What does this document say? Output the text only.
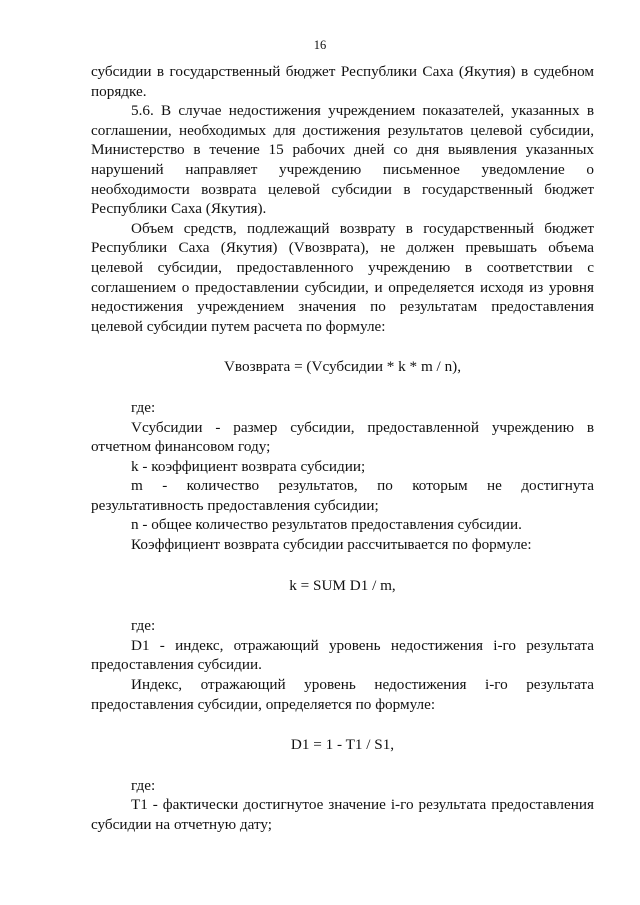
16

субсидии в государственный бюджет Республики Саха (Якутия) в судебном порядке.

5.6. В случае недостижения учреждением показателей, указанных в соглашении, необходимых для достижения результатов целевой субсидии, Министерство в течение 15 рабочих дней со дня выявления указанных нарушений направляет учреждению письменное уведомление о необходимости возврата целевой субсидии в государственный бюджет Республики Саха (Якутия).

Объем средств, подлежащий возврату в государственный бюджет Республики Саха (Якутия) (Vвозврата), не должен превышать объема целевой субсидии, предоставленного учреждению в соответствии с соглашением о предоставлении субсидии, и определяется исходя из уровня недостижения учреждением значения по результатам предоставления целевой субсидии путем расчета по формуле:

Vвозврата = (Vсубсидии * k * m / n),

где:

Vсубсидии - размер субсидии, предоставленной учреждению в отчетном финансовом году;

k - коэффициент возврата субсидии;

m - количество результатов, по которым не достигнута результативность предоставления субсидии;

n - общее количество результатов предоставления субсидии.

Коэффициент возврата субсидии рассчитывается по формуле:

k = SUM D1 / m,

где:

D1 - индекс, отражающий уровень недостижения i-го результата предоставления субсидии.

Индекс, отражающий уровень недостижения i-го результата предоставления субсидии, определяется по формуле:

D1 = 1 - T1 / S1,

где:

T1 - фактически достигнутое значение i-го результата предоставления субсидии на отчетную дату;
